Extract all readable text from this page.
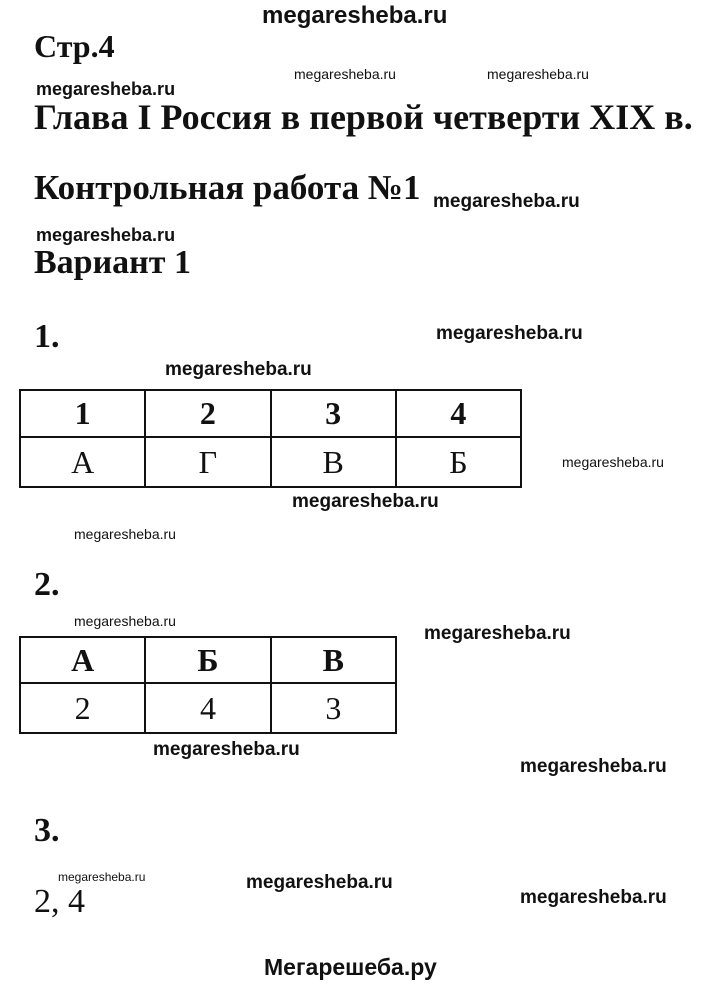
megaresheba.ru
Стр.4
megaresheba.ru
megaresheba.ru	megaresheba.ru
Глава I Россия в первой четверти XIX в.
Контрольная работа №1 megaresheba.ru
megaresheba.ru
Вариант 1
1.	megaresheba.ru
megaresheba.ru
1	2	3	4
А	Г	В	Б	megaresheba.ru
megaresheba.ru
megaresheba.ru
2.
megaresheba.ru
megaresheba.ru
А	Б	В
2	4	3
megaresheba.ru
megaresheba.ru
3.
megaresheba.ru	megaresheba.ru
2, 4	megaresheba.ru
Мегарешеба.ру
